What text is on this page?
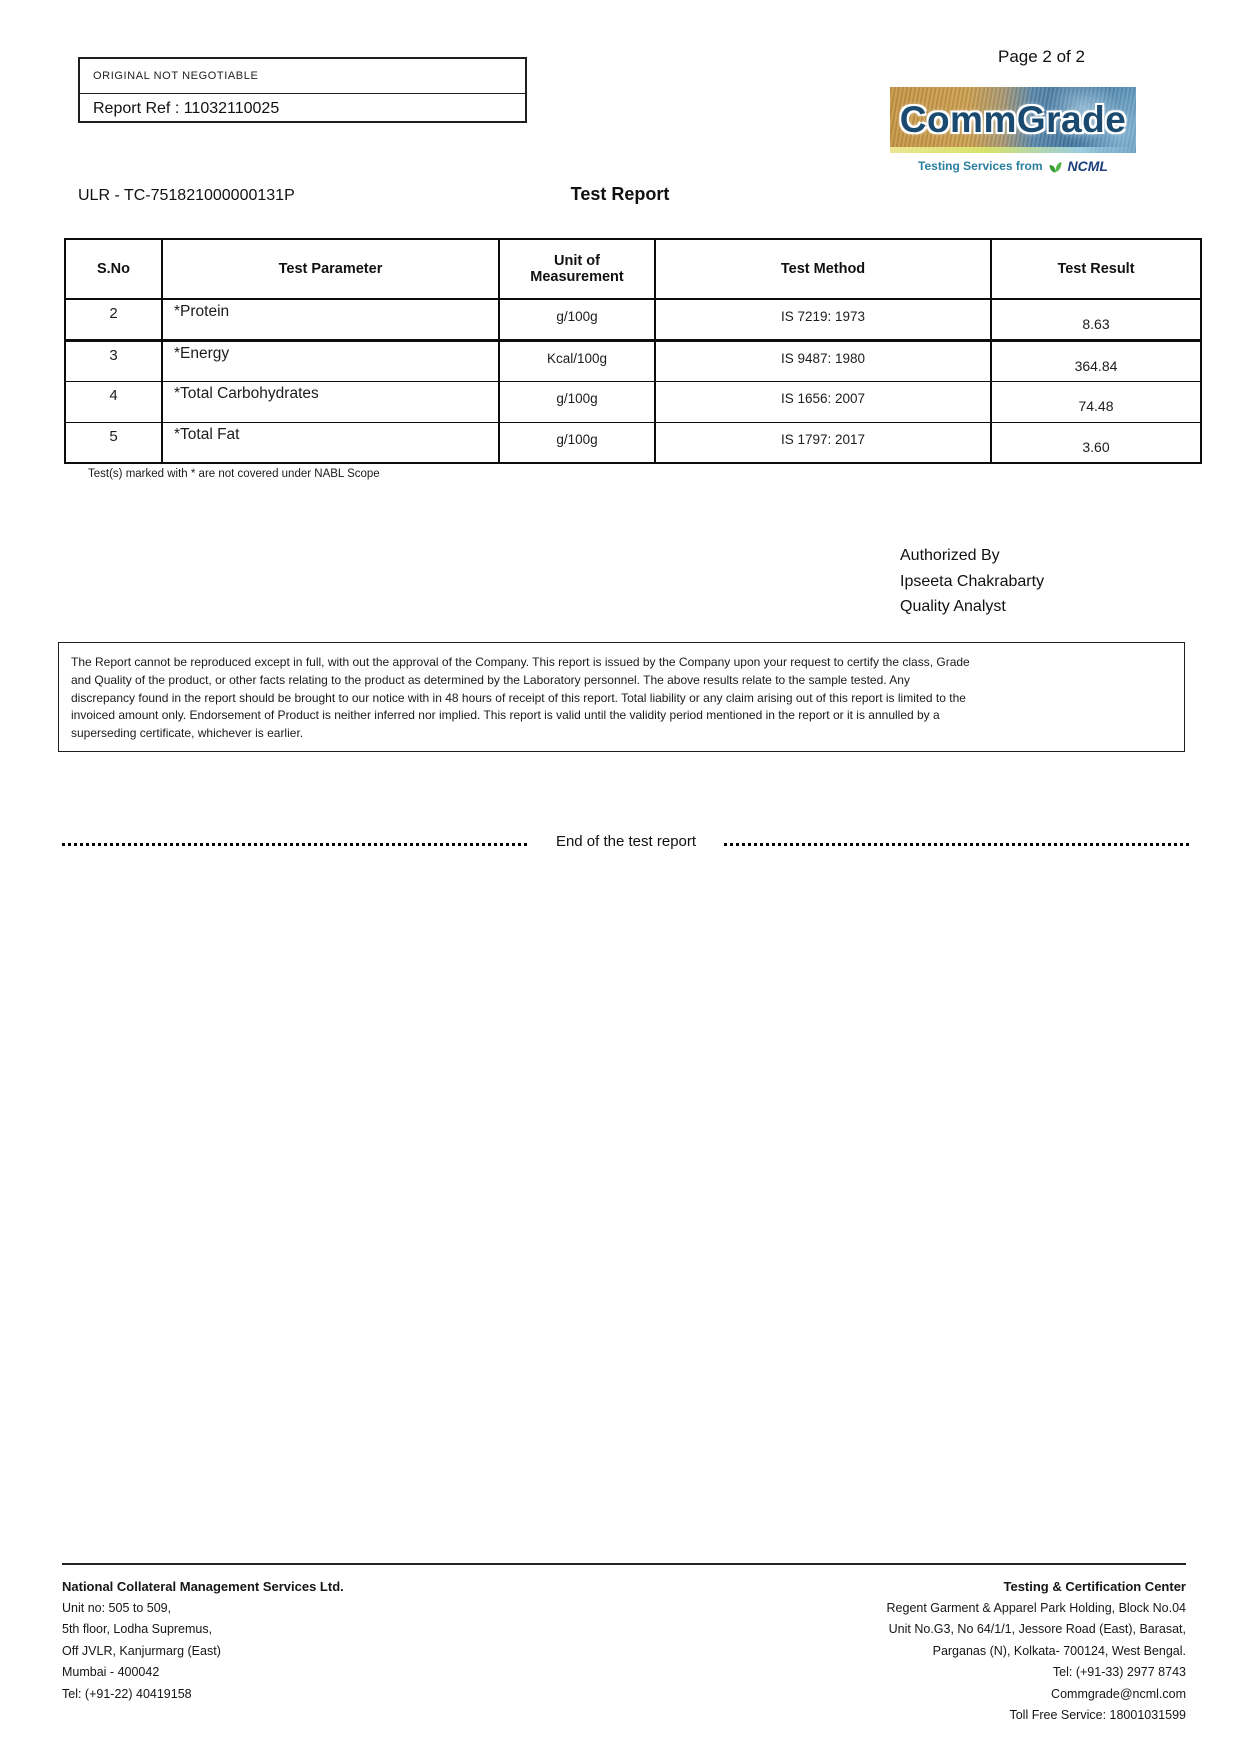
ORIGINAL NOT NEGOTIABLE
Report Ref : 11032110025
Page 2 of 2
CommGrade
Testing Services from NCML
ULR - TC-751821000000131P	Test Report
S.No	Test Parameter	Unit of Measurement	Test Method	Test Result
2	*Protein	g/100g	IS 7219: 1973	8.63
3	*Energy	Kcal/100g	IS 9487: 1980	364.84
4	*Total Carbohydrates	g/100g	IS 1656: 2007	74.48
5	*Total Fat	g/100g	IS 1797: 2017	3.60
Test(s) marked with * are not covered under NABL Scope
Authorized By
Ipseeta Chakrabarty
Quality Analyst
The Report cannot be reproduced except in full, with out the approval of the Company. This report is issued by the Company upon your request to certify the class, Grade
and Quality of the product, or other facts relating to the product as determined by the Laboratory personnel. The above results relate to the sample tested. Any
discrepancy found in the report should be brought to our notice with in 48 hours of receipt of this report. Total liability or any claim arising out of this report is limited to the
invoiced amount only. Endorsement of Product is neither inferred nor implied. This report is valid until the validity period mentioned in the report or it is annulled by a
superseding certificate, whichever is earlier.
End of the test report
National Collateral Management Services Ltd.
Unit no: 505 to 509,
5th floor, Lodha Supremus,
Off JVLR, Kanjurmarg (East)
Mumbai - 400042
Tel: (+91-22) 40419158
Testing & Certification Center
Regent Garment & Apparel Park Holding, Block No.04
Unit No.G3, No 64/1/1, Jessore Road (East), Barasat,
Parganas (N), Kolkata- 700124, West Bengal.
Tel: (+91-33) 2977 8743
Commgrade@ncml.com
Toll Free Service: 18001031599
